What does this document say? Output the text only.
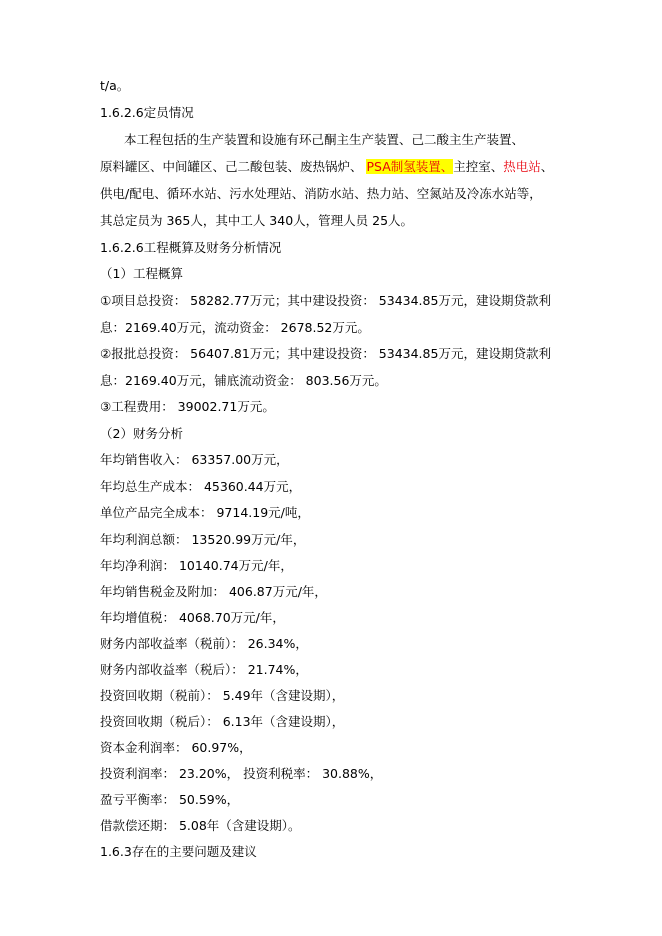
t/a。
1.6.2.6定员情况
本工程包括的生产装置和设施有环己酮主生产装置、己二酸主生产装置、
原料罐区、中间罐区、己二酸包装、废热锅炉、 PSA制氢装置、主控室、热电站、
供电/配电、循环水站、污水处理站、消防水站、热力站、空氮站及冷冻水站等，
其总定员为 365人，其中工人 340人，管理人员 25人。
1.6.2.6工程概算及财务分析情况
（1）工程概算
①项目总投资： 58282.77万元；其中建设投资： 53434.85万元，建设期贷款利
息：2169.40万元，流动资金： 2678.52万元。
②报批总投资： 56407.81万元；其中建设投资： 53434.85万元，建设期贷款利
息：2169.40万元，铺底流动资金： 803.56万元。
③工程费用： 39002.71万元。
（2）财务分析
年均销售收入： 63357.00万元，
年均总生产成本： 45360.44万元，
单位产品完全成本： 9714.19元/吨，
年均利润总额： 13520.99万元/年，
年均净利润： 10140.74万元/年，
年均销售税金及附加： 406.87万元/年，
年均增值税： 4068.70万元/年，
财务内部收益率（税前）： 26.34%，
财务内部收益率（税后）： 21.74%，
投资回收期（税前）： 5.49年（含建设期），
投资回收期（税后）： 6.13年（含建设期），
资本金利润率： 60.97%，
投资利润率： 23.20%， 投资利税率： 30.88%，
盈亏平衡率： 50.59%，
借款偿还期： 5.08年（含建设期）。
1.6.3存在的主要问题及建议
